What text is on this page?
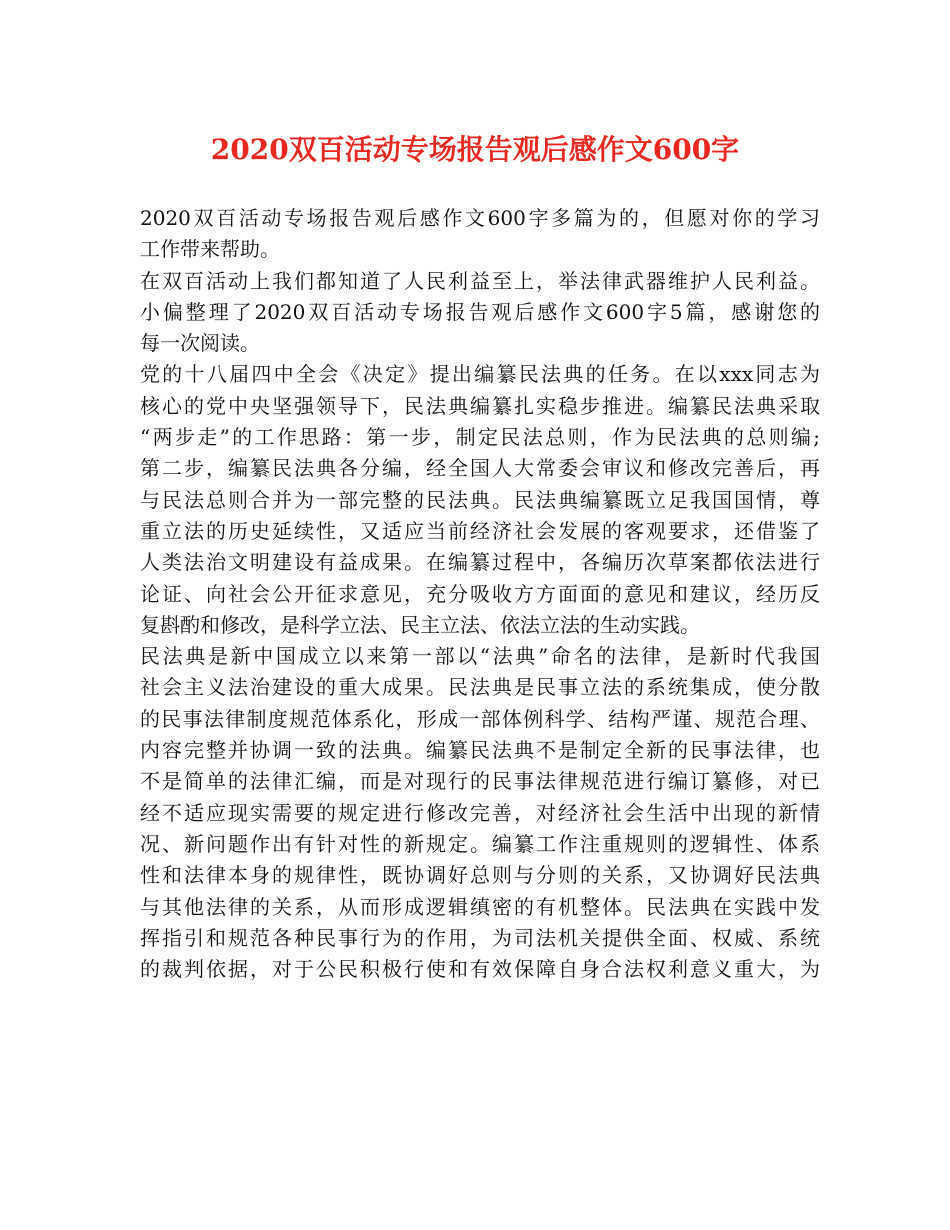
2020双百活动专场报告观后感作文600字
2020双百活动专场报告观后感作文600字多篇为的，但愿对你的学习
工作带来帮助。
在双百活动上我们都知道了人民利益至上，举法律武器维护人民利益。
小偏整理了2020双百活动专场报告观后感作文600字5篇，感谢您的
每一次阅读。
党的十八届四中全会《决定》提出编纂民法典的任务。在以xxx同志为
核心的党中央坚强领导下，民法典编纂扎实稳步推进。编纂民法典采取
“两步走”的工作思路：第一步，制定民法总则，作为民法典的总则编;
第二步，编纂民法典各分编，经全国人大常委会审议和修改完善后，再
与民法总则合并为一部完整的民法典。民法典编纂既立足我国国情，尊
重立法的历史延续性，又适应当前经济社会发展的客观要求，还借鉴了
人类法治文明建设有益成果。在编纂过程中，各编历次草案都依法进行
论证、向社会公开征求意见，充分吸收方方面面的意见和建议，经历反
复斟酌和修改，是科学立法、民主立法、依法立法的生动实践。
民法典是新中国成立以来第一部以“法典”命名的法律，是新时代我国
社会主义法治建设的重大成果。民法典是民事立法的系统集成，使分散
的民事法律制度规范体系化，形成一部体例科学、结构严谨、规范合理、
内容完整并协调一致的法典。编纂民法典不是制定全新的民事法律，也
不是简单的法律汇编，而是对现行的民事法律规范进行编订纂修，对已
经不适应现实需要的规定进行修改完善，对经济社会生活中出现的新情
况、新问题作出有针对性的新规定。编纂工作注重规则的逻辑性、体系
性和法律本身的规律性，既协调好总则与分则的关系，又协调好民法典
与其他法律的关系，从而形成逻辑缜密的有机整体。民法典在实践中发
挥指引和规范各种民事行为的作用，为司法机关提供全面、权威、系统
的裁判依据，对于公民积极行使和有效保障自身合法权利意义重大，为
